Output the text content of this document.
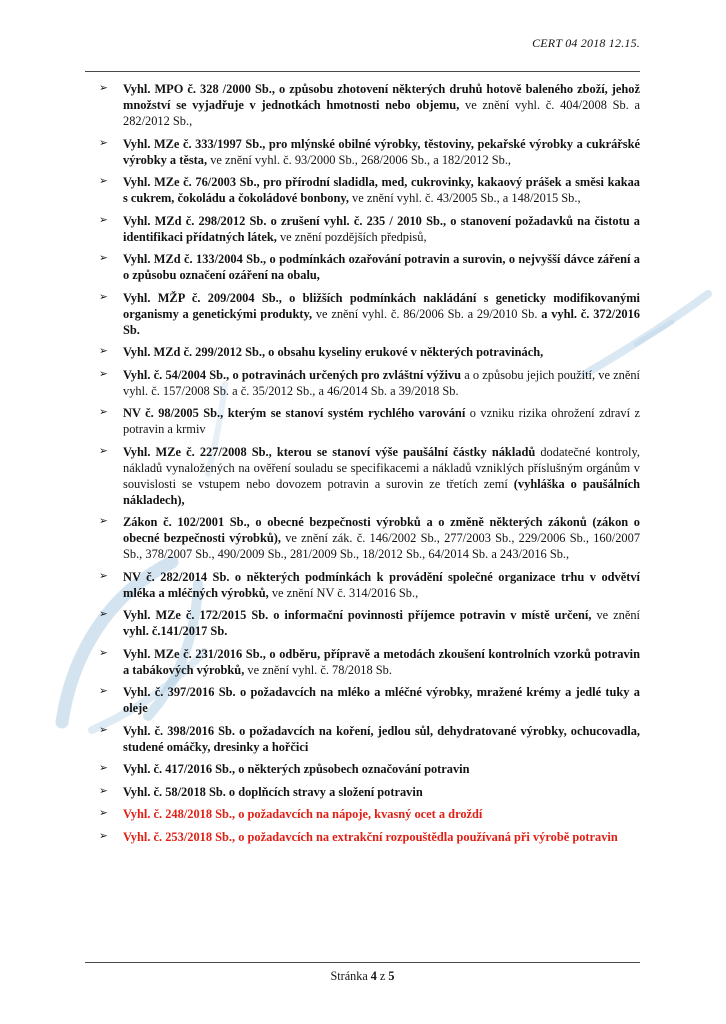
CERT 04 2018 12.15.
➢	Vyhl. MPO č. 328 /2000 Sb., o způsobu zhotovení některých druhů hotově baleného zboží, jehož množství se vyjadřuje v jednotkách hmotnosti nebo objemu, ve znění vyhl. č. 404/2008 Sb. a 282/2012 Sb.,
➢	Vyhl. MZe č. 333/1997 Sb., pro mlýnské obilné výrobky, těstoviny, pekařské výrobky a cukrářské výrobky a těsta, ve znění vyhl. č. 93/2000 Sb., 268/2006 Sb., a 182/2012 Sb.,
➢	Vyhl. MZe č. 76/2003 Sb., pro přírodní sladidla, med, cukrovinky, kakaový prášek a směsi kakaa s cukrem, čokoládu a čokoládové bonbony, ve znění vyhl. č. 43/2005 Sb., a 148/2015 Sb.,
➢	Vyhl. MZd č. 298/2012 Sb. o zrušení vyhl. č. 235 / 2010 Sb., o stanovení požadavků na čistotu a identifikaci přídatných látek, ve znění pozdějších předpisů,
➢	Vyhl. MZd č. 133/2004 Sb., o podmínkách ozařování potravin a surovin, o nejvyšší dávce záření a o způsobu označení ozáření na obalu,
➢	Vyhl. MŽP č. 209/2004 Sb., o bližších podmínkách nakládání s geneticky modifikovanými organismy a genetickými produkty, ve znění vyhl. č. 86/2006 Sb. a 29/2010 Sb. a vyhl. č. 372/2016 Sb.
➢	Vyhl. MZd č. 299/2012 Sb., o obsahu kyseliny erukové v některých potravinách,
➢	Vyhl. č. 54/2004 Sb., o potravinách určených pro zvláštní výživu a o způsobu jejich použití, ve znění vyhl. č. 157/2008 Sb. a č. 35/2012 Sb., a 46/2014 Sb. a 39/2018 Sb.
➢	NV č. 98/2005 Sb., kterým se stanoví systém rychlého varování o vzniku rizika ohrožení zdraví z potravin a krmiv
➢	Vyhl. MZe č. 227/2008 Sb., kterou se stanoví výše paušální částky nákladů dodatečné kontroly, nákladů vynaložených na ověření souladu se specifikacemi a nákladů vzniklých příslušným orgánům v souvislosti se vstupem nebo dovozem potravin a surovin ze třetích zemí (vyhláška o paušálních nákladech),
➢	Zákon č. 102/2001 Sb., o obecné bezpečnosti výrobků a o změně některých zákonů (zákon o obecné bezpečnosti výrobků), ve znění zák. č. 146/2002 Sb., 277/2003 Sb., 229/2006 Sb., 160/2007 Sb., 378/2007 Sb., 490/2009 Sb., 281/2009 Sb., 18/2012 Sb., 64/2014 Sb. a 243/2016 Sb.,
➢	NV č. 282/2014 Sb. o některých podmínkách k provádění společné organizace trhu v odvětví mléka a mléčných výrobků, ve znění NV č. 314/2016 Sb.,
➢	Vyhl. MZe č. 172/2015 Sb. o informační povinnosti příjemce potravin v místě určení, ve znění vyhl. č.141/2017 Sb.
➢	Vyhl. MZe č. 231/2016 Sb., o odběru, přípravě a metodách zkoušení kontrolních vzorků potravin a tabákových výrobků, ve znění vyhl. č. 78/2018 Sb.
➢	Vyhl. č. 397/2016 Sb. o požadavcích na mléko a mléčné výrobky, mražené krémy a jedlé tuky a oleje
➢	Vyhl. č. 398/2016 Sb. o požadavcích na koření, jedlou sůl, dehydratované výrobky, ochucovadla, studené omáčky, dresinky a hořčici
➢	Vyhl. č. 417/2016 Sb., o některých způsobech označování potravin
➢	Vyhl. č. 58/2018 Sb. o doplňcích stravy a složení potravin
➢	Vyhl. č. 248/2018 Sb., o požadavcích na nápoje, kvasný ocet a droždí
➢	Vyhl. č. 253/2018 Sb., o požadavcích na extrakční rozpouštědla používaná při výrobě potravin
Stránka 4 z 5
